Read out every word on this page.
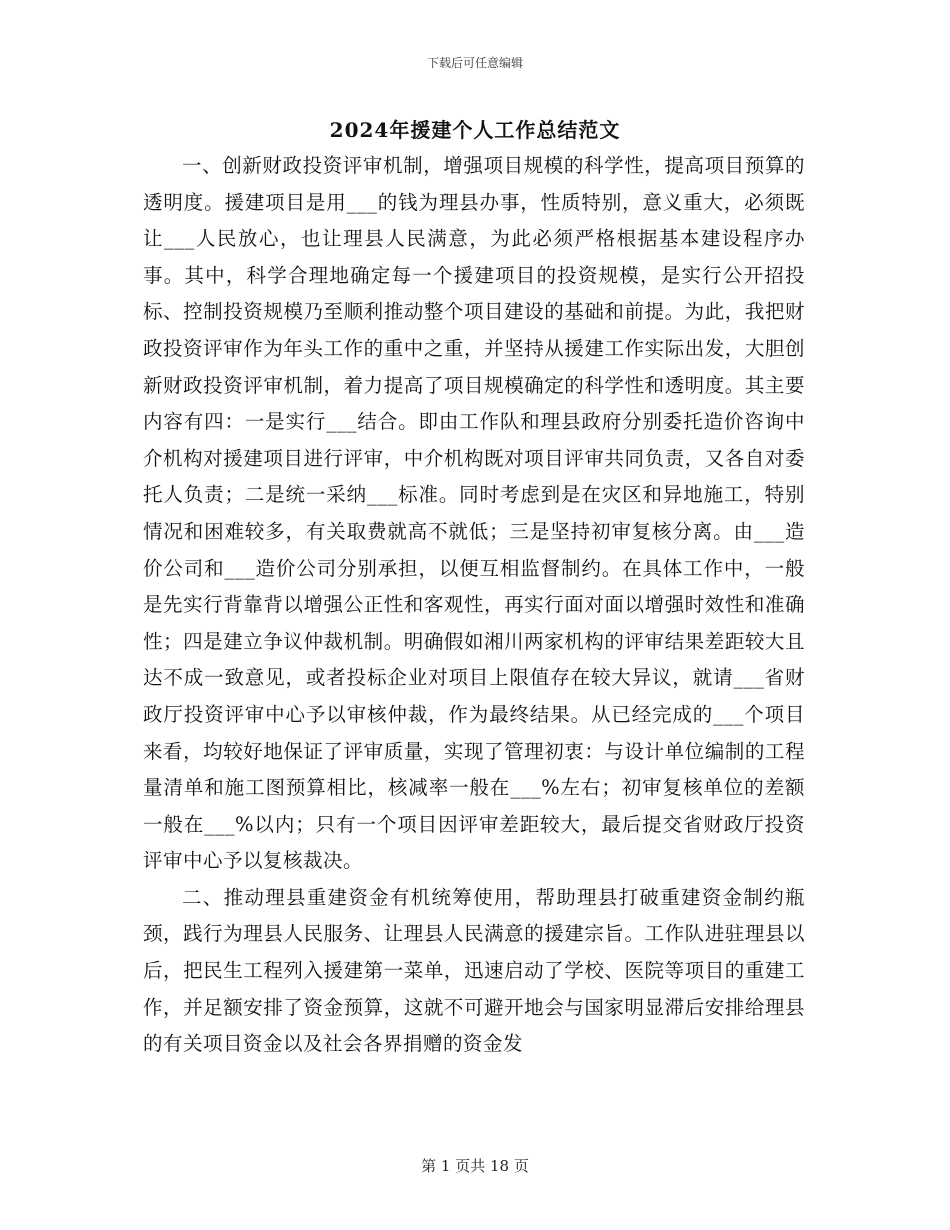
下载后可任意编辑
2024年援建个人工作总结范文

一、创新财政投资评审机制，增强项目规模的科学性，提高项目预算的透明度。援建项目是用___的钱为理县办事，性质特别，意义重大，必须既让___人民放心，也让理县人民满意，为此必须严格根据基本建设程序办事。其中，科学合理地确定每一个援建项目的投资规模，是实行公开招投标、控制投资规模乃至顺利推动整个项目建设的基础和前提。为此，我把财政投资评审作为年头工作的重中之重，并坚持从援建工作实际出发，大胆创新财政投资评审机制，着力提高了项目规模确定的科学性和透明度。其主要内容有四：一是实行___结合。即由工作队和理县政府分别委托造价咨询中介机构对援建项目进行评审，中介机构既对项目评审共同负责，又各自对委托人负责；二是统一采纳___标准。同时考虑到是在灾区和异地施工，特别情况和困难较多，有关取费就高不就低；三是坚持初审复核分离。由___造价公司和___造价公司分别承担，以便互相监督制约。在具体工作中，一般是先实行背靠背以增强公正性和客观性，再实行面对面以增强时效性和准确性；四是建立争议仲裁机制。明确假如湘川两家机构的评审结果差距较大且达不成一致意见，或者投标企业对项目上限值存在较大异议，就请___省财政厅投资评审中心予以审核仲裁，作为最终结果。从已经完成的___个项目来看，均较好地保证了评审质量，实现了管理初衷：与设计单位编制的工程量清单和施工图预算相比，核减率一般在___%左右；初审复核单位的差额一般在___%以内；只有一个项目因评审差距较大，最后提交省财政厅投资评审中心予以复核裁决。

二、推动理县重建资金有机统筹使用，帮助理县打破重建资金制约瓶颈，践行为理县人民服务、让理县人民满意的援建宗旨。工作队进驻理县以后，把民生工程列入援建第一菜单，迅速启动了学校、医院等项目的重建工作，并足额安排了资金预算，这就不可避开地会与国家明显滞后安排给理县的有关项目资金以及社会各界捐赠的资金发

第 1 页共 18 页
